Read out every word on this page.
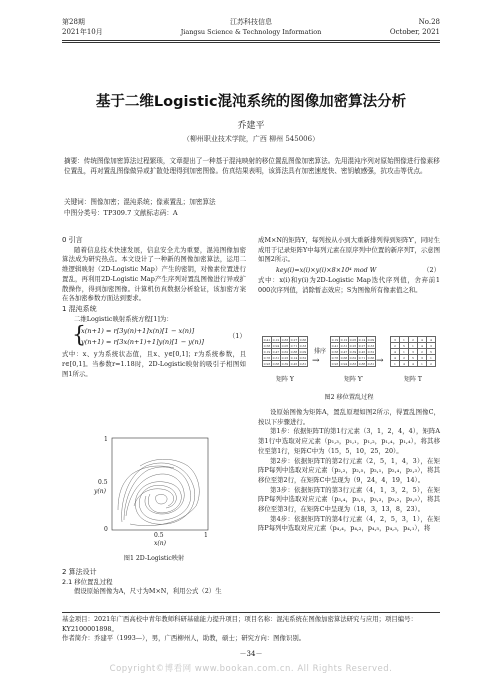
第28期
2021年10月
江苏科技信息
Jiangsu Science & Technology Information
No.28
October, 2021
基于二维Logistic混沌系统的图像加密算法分析
乔建平
（柳州职业技术学院，广西 柳州 545006）
摘要：传统图像加密算法过程繁琐，文章提出了一种基于混沌映射的移位置乱图像加密算法。先用混沌序列对原始图像进行像素移位置乱，再对置乱图像做异或扩散处理得到加密图像。仿真结果表明，该算法具有加密速度快、密钥敏感强，抗攻击等优点。
关键词：图像加密；混沌系统；像素置乱；加密算法
中图分类号：TP309.7 文献标志码：A

0 引言

随着信息技术快速发展，信息安全尤为重要，混沌图像加密算法成为研究热点。本文设计了一种新的图像加密算法，运用二维逻辑映射（2D-Logistic Map）产生的密钥，对像素位置进行置乱，再利用2D-Logistic Map产生序列对置乱图像进行异或扩散操作，得到加密图像。计算机仿真数据分析验证，该加密方案在各加密参数方面达到要求。

1 混沌系统

二维Logistic映射系统方程[1]为：

{
x(n+1) = r[3y(n)+1]x(n)[1 − x(n)]
y(n+1) = r[3x(n+1)+1]y(n)[1 − y(n)]
（1）

式中：x、y为系统状态值，且x、y∈[0,1]；r为系统参数，且r∈[0,1]。当参数r=1.18时，2D-Logistic映射的吸引子相图如图1所示。

1
0.5
y(n)
0
0.5	1
x(n)
图1 2D-Logistic映射

2 算法设计

2.1 移位置乱过程

假设原始图像为A，尺寸为M×N，利用公式（2）生

成M×N的矩阵Y，每列按从小到大重新排列得到矩阵Y′，同时生成用于记录矩阵Y中每列元素在原序列中位置的新序列T，示意图如图2所示。

key(i)=x(i)×y(i)×8×10⁴ mod W	（2）

式中：x(i)和y(i)为2D-Logistic Map迭代序列值，舍弃前1 000次序列值，消除暂态效应；S为图像所有像素值之和。

0.41	0.12	0.83	0.27	0.66
0.58	0.94	0.05	0.71	0.33
0.19	0.47	0.62	0.88	0.09
0.76	0.31	0.25	0.14	0.52
0.93	0.68	0.39	0.45	0.81
排序
→
0.19	0.12	0.05	0.14	0.09
0.41	0.31	0.25	0.27	0.33
0.58	0.47	0.39	0.45	0.52
0.76	0.68	0.62	0.71	0.66
0.93	0.94	0.83	0.88	0.81 →
3	1	2	4	4
2	5	1	4	3
4	1	3	2	5
4	2	5	3	1
1	4	4	1	2
矩阵 Y	矩阵 Y′	矩阵 T
图2 移位置乱过程

设原始图像为矩阵A，置乱原理如图2所示，得置乱图像C，按以下步骤进行。

第1步：依据矩阵T的第1行元素（3，1，2，4，4），矩阵A第1行中选取对应元素（p₁,₃，p₁,₁，p₁,₂，p₁,₄，p₁,₄），将其移位至第1行，矩阵C中为（15，5，10，25，20）。

第2步：依据矩阵T的第2行元素（2，5，1，4，3），在矩阵P每列中选取对应元素（p₂,₂，p₂,₅，p₂,₁，p₂,₄，p₂,₃），将其移位至第2行，在矩阵C中呈现为（9，24，4，19，14）。

第3步：依据矩阵T的第3行元素（4，1，3，2，5），在矩阵P每列中选取对应元素（p₃,₄，p₃,₁，p₃,₃，p₃,₂，p₃,₅），将其移位至第3行，在矩阵C中呈现为（18，3，13，8，23）。

第4步：依据矩阵T的第4行元素（4，2，5，3，1），在矩阵P每列中选取对应元素（p₄,₄，p₄,₂，p₄,₅，p₄,₃，p₄,₁），将

基金项目：2021年广西高校中青年教师科研基础能力提升项目；项目名称：混沌系统在图像加密算法研究与应用；项目编号：KY2100001898。
作者简介：乔建平（1993—），男，广西柳州人，助教，硕士；研究方向：图像识别。
－34－
Copyright©博看网 www.bookan.com.cn. All Rights Reserved.
